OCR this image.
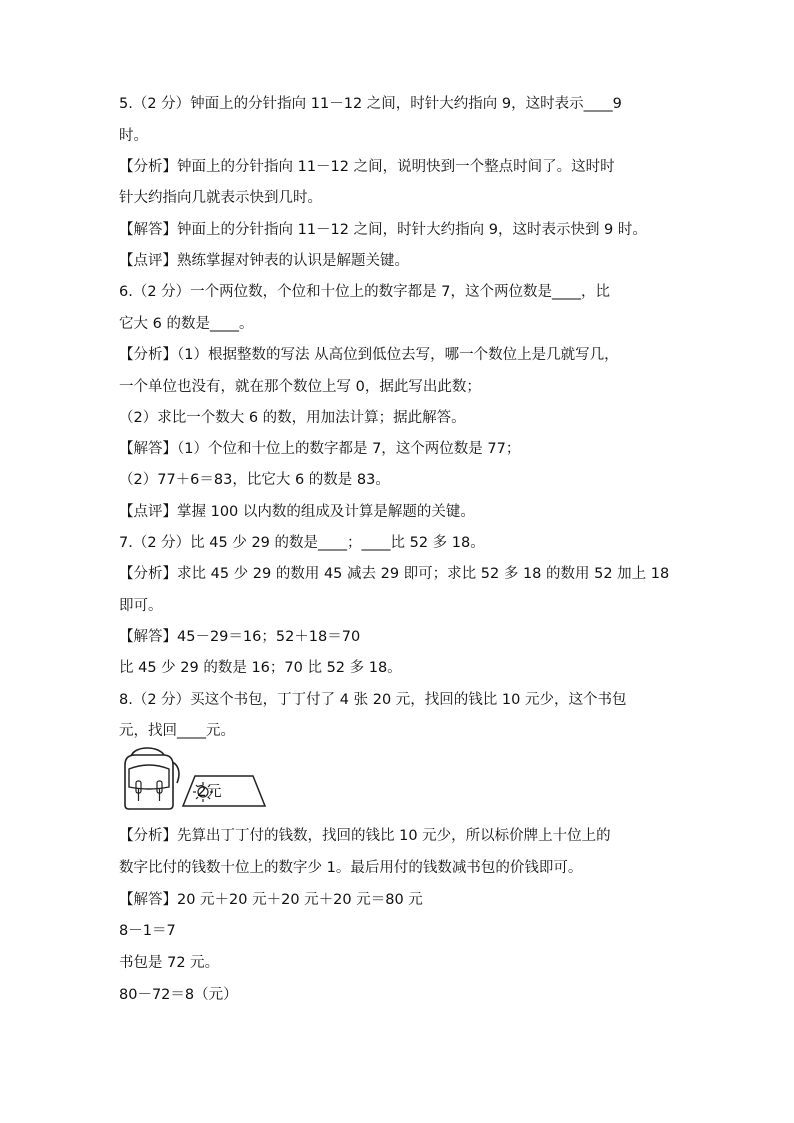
5.（2 分）钟面上的分针指向 11－12 之间，时针大约指向 9，这时表示____9
时。
【分析】钟面上的分针指向 11－12 之间，说明快到一个整点时间了。这时时
针大约指向几就表示快到几时。
【解答】钟面上的分针指向 11－12 之间，时针大约指向 9，这时表示快到 9 时。
【点评】熟练掌握对钟表的认识是解题关键。
6.（2 分）一个两位数，个位和十位上的数字都是 7，这个两位数是____，比
它大 6 的数是____。
【分析】（1）根据整数的写法 从高位到低位去写，哪一个数位上是几就写几，
一个单位也没有，就在那个数位上写 0，据此写出此数；
（2）求比一个数大 6 的数，用加法计算；据此解答。
【解答】（1）个位和十位上的数字都是 7，这个两位数是 77；
（2）77＋6＝83，比它大 6 的数是 83。
【点评】掌握 100 以内数的组成及计算是解题的关键。
7.（2 分）比 45 少 29 的数是____；____比 52 多 18。
【分析】求比 45 少 29 的数用 45 减去 29 即可；求比 52 多 18 的数用 52 加上 18
即可。
【解答】45－29＝16；52＋18＝70
比 45 少 29 的数是 16；70 比 52 多 18。
8.（2 分）买这个书包，丁丁付了 4 张 20 元，找回的钱比 10 元少，这个书包
元，找回____元。
2元
【分析】先算出丁丁付的钱数，找回的钱比 10 元少，所以标价牌上十位上的
数字比付的钱数十位上的数字少 1。最后用付的钱数减书包的价钱即可。
【解答】20 元＋20 元＋20 元＋20 元＝80 元
8－1＝7
书包是 72 元。
80－72＝8（元）
